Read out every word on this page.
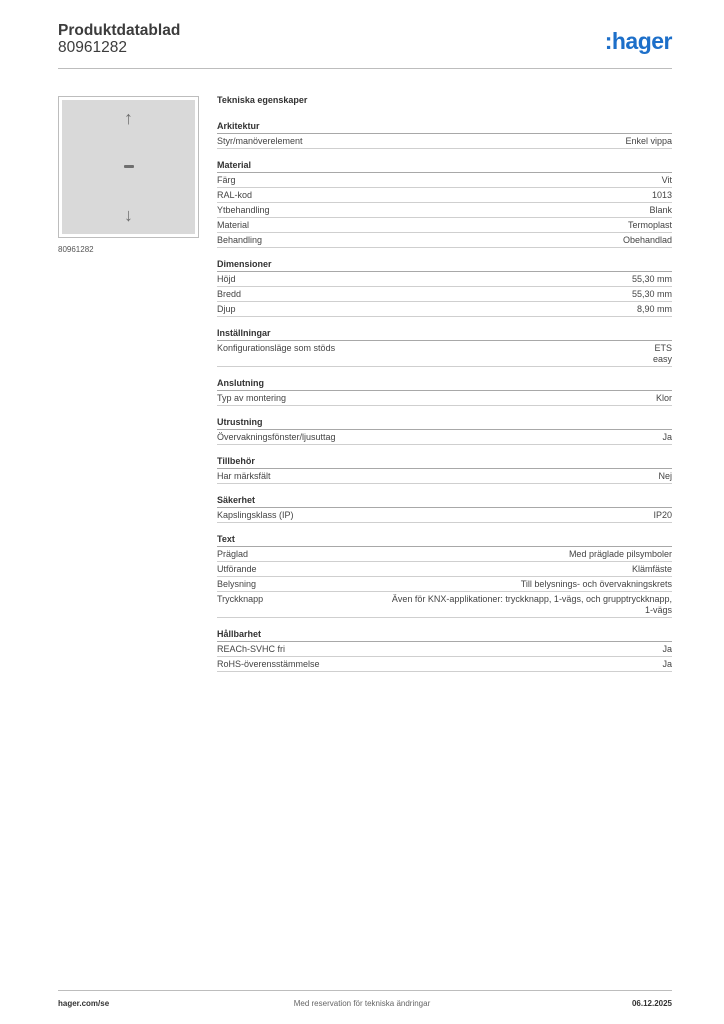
Produktdatablad
80961282	:hager
↑
↓
80961282
Tekniska egenskaper
Arkitektur
Styr/manöverelement	Enkel vippa
Material
Färg	Vit
RAL-kod	1013
Ytbehandling	Blank
Material	Termoplast
Behandling	Obehandlad
Dimensioner
Höjd	55,30 mm
Bredd	55,30 mm
Djup	8,90 mm
Inställningar
Konfigurationsläge som stöds	ETS
easy
Anslutning
Typ av montering	Klor
Utrustning
Övervakningsfönster/ljusuttag	Ja
Tillbehör
Har märksfält	Nej
Säkerhet
Kapslingsklass (IP)	IP20
Text
Präglad	Med präglade pilsymboler
Utförande	Klämfäste
Belysning	Till belysnings- och övervakningskrets
Tryckknapp	Även för KNX-applikationer: tryckknapp, 1-vägs, och grupptryckknapp,
1-vägs
Hållbarhet
REACh-SVHC fri	Ja
RoHS-överensstämmelse	Ja
hager.com/se	Med reservation för tekniska ändringar	06.12.2025
